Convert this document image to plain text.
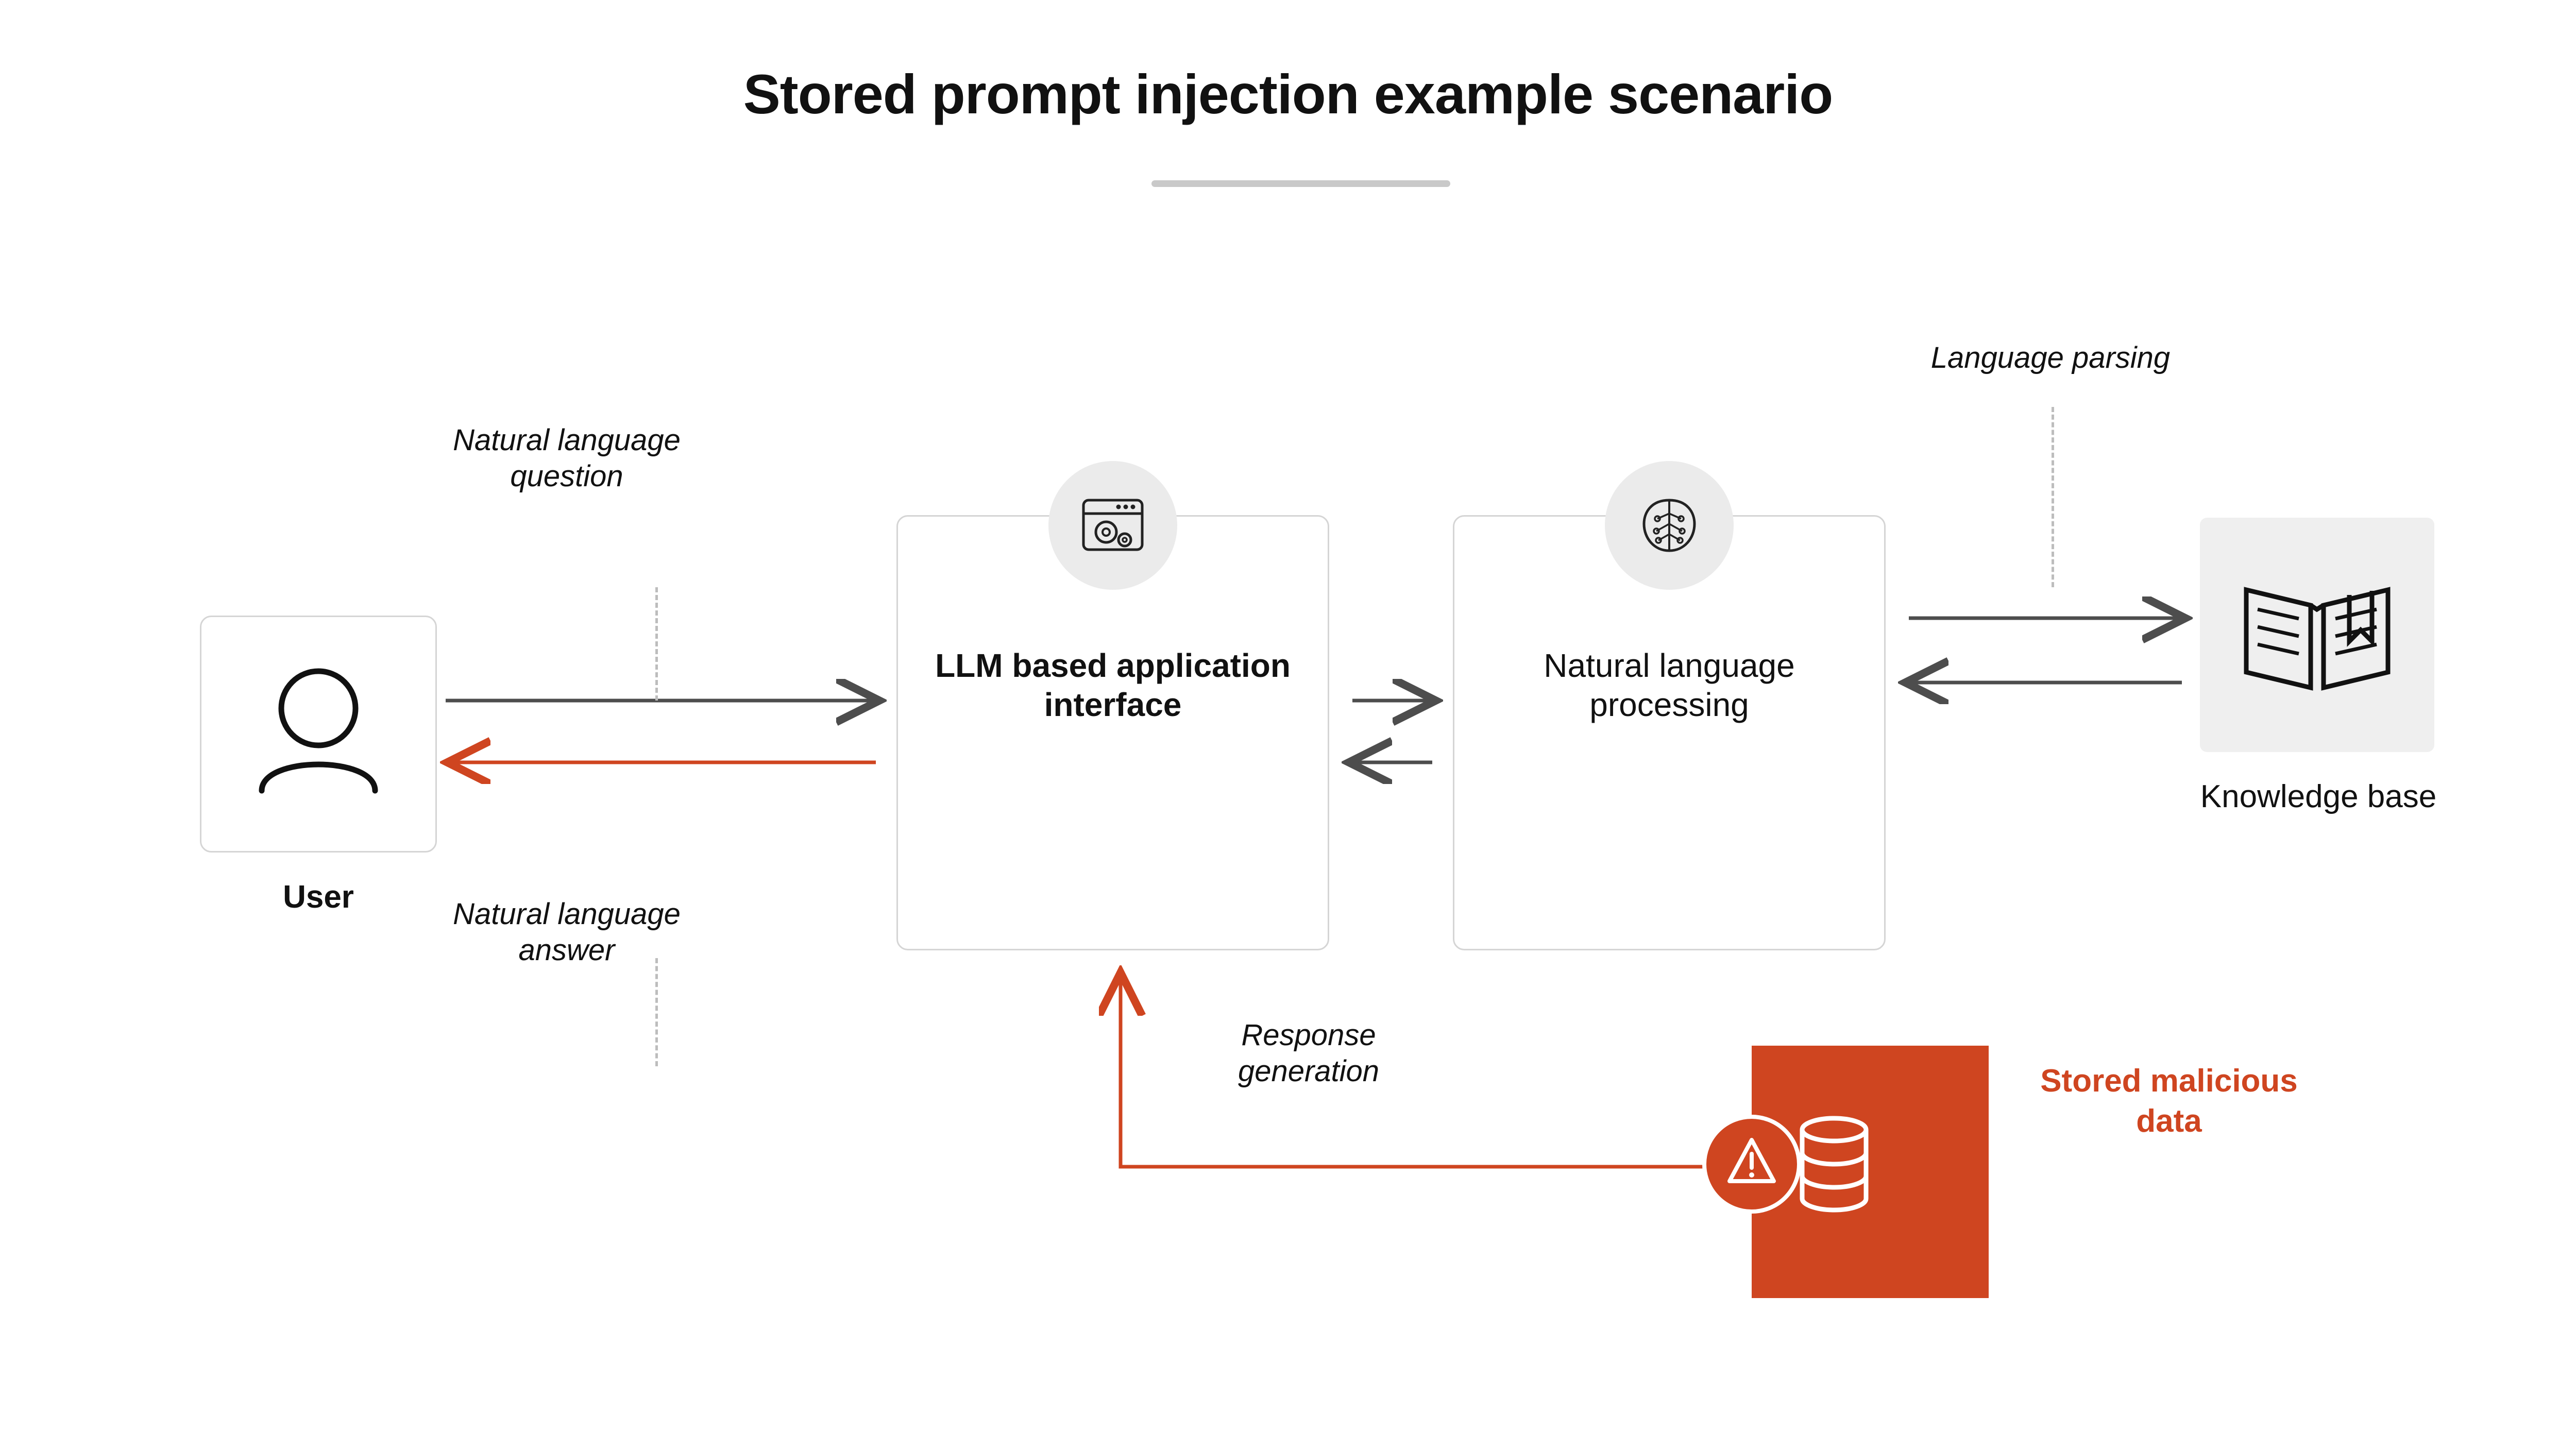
Stored prompt injection example scenario
User
LLM based application interface
Natural language processing
Knowledge base
Stored malicious data
Natural language question
Natural language answer
Language parsing
Response generation
